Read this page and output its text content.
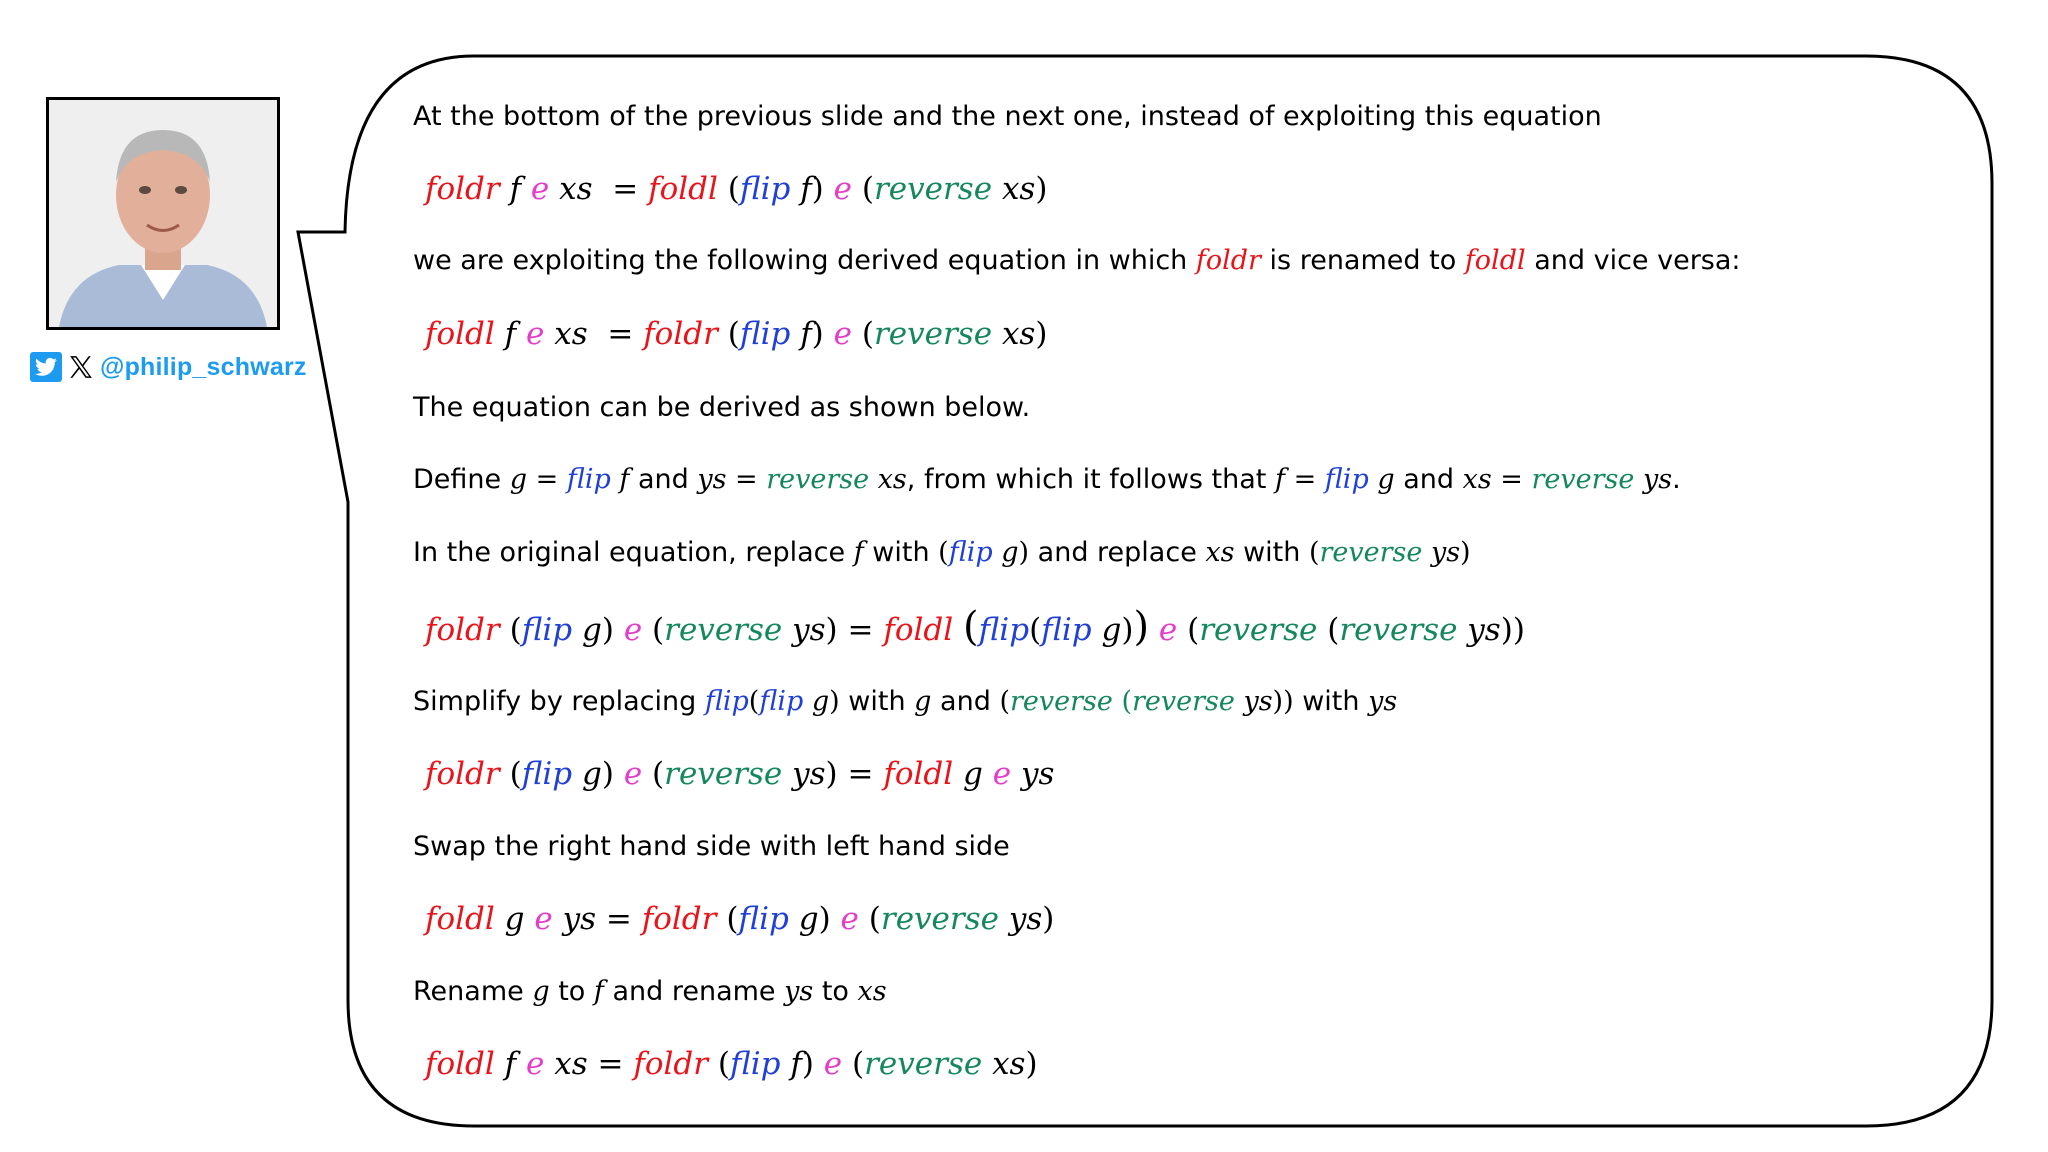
@philip_schwarz
At the bottom of the previous slide and the next one, instead of exploiting this equation
foldr f e xs = foldl (flip f) e (reverse xs)
we are exploiting the following derived equation in which foldr is renamed to foldl and vice versa:
foldl f e xs = foldr (flip f) e (reverse xs)
The equation can be derived as shown below.
Define g = flip f and ys = reverse xs, from which it follows that f = flip g and xs = reverse ys.
In the original equation, replace f with (flip g) and replace xs with (reverse ys)
foldr (flip g) e (reverse ys) = foldl (flip(flip g)) e (reverse (reverse ys))
Simplify by replacing flip(flip g) with g and (reverse (reverse ys)) with ys
foldr (flip g) e (reverse ys) = foldl g e ys
Swap the right hand side with left hand side
foldl g e ys = foldr (flip g) e (reverse ys)
Rename g to f and rename ys to xs
foldl f e xs = foldr (flip f) e (reverse xs)
